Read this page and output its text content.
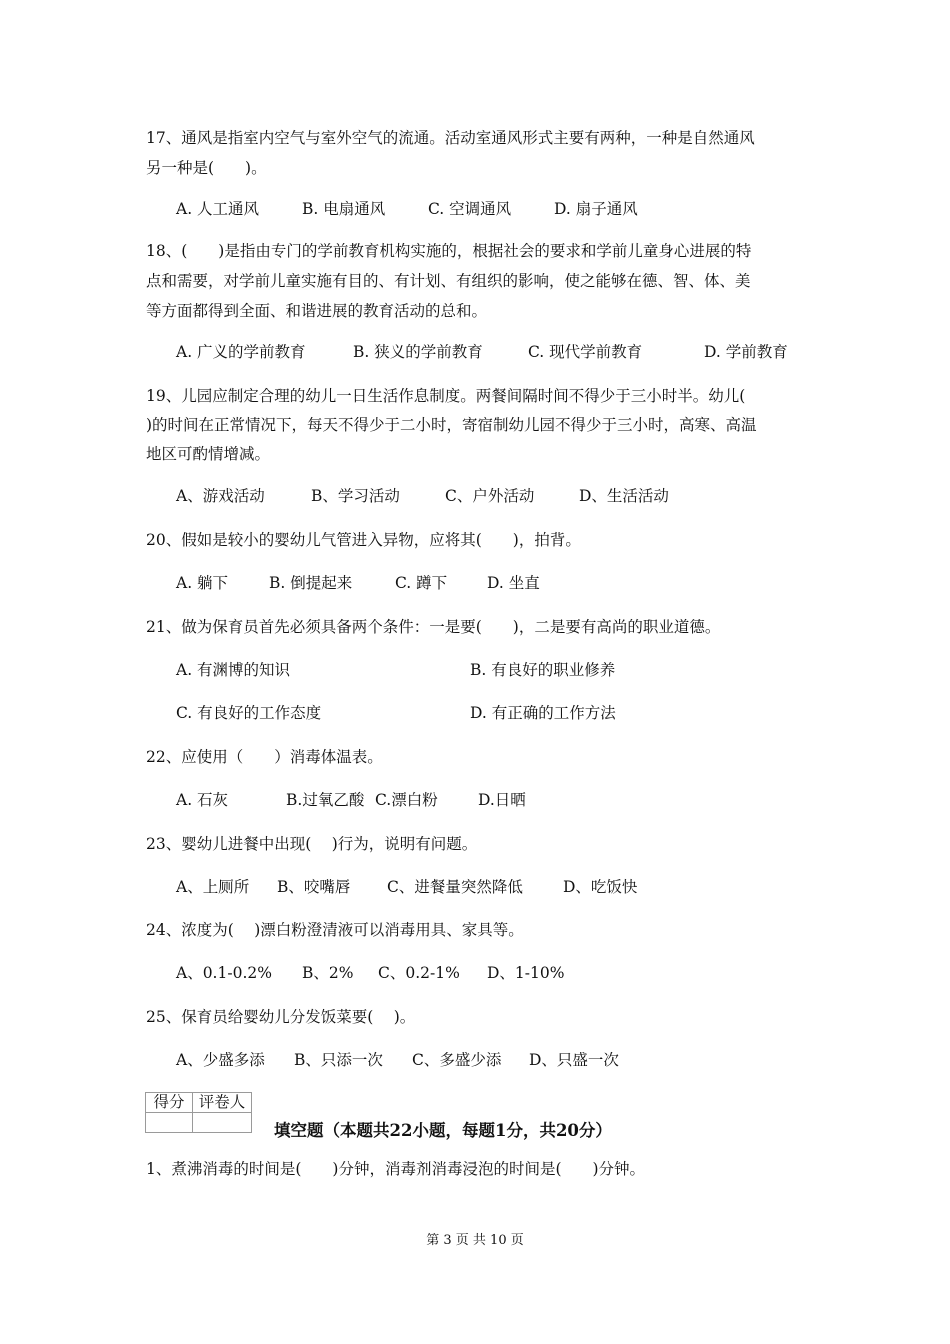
17、通风是指室内空气与室外空气的流通。活动室通风形式主要有两种，一种是自然通风
另一种是(　　)。
A. 人工通风	B. 电扇通风	C. 空调通风	D. 扇子通风
18、(　　)是指由专门的学前教育机构实施的，根据社会的要求和学前儿童身心进展的特
点和需要，对学前儿童实施有目的、有计划、有组织的影响，使之能够在德、智、体、美
等方面都得到全面、和谐进展的教育活动的总和。
A. 广义的学前教育	B. 狭义的学前教育	C. 现代学前教育	D. 学前教育
19、儿园应制定合理的幼儿一日生活作息制度。两餐间隔时间不得少于三小时半。幼儿(
)的时间在正常情况下，每天不得少于二小时，寄宿制幼儿园不得少于三小时，高寒、高温
地区可酌情增减。
A、游戏活动	B、学习活动	C、户外活动	D、生活活动
20、假如是较小的婴幼儿气管进入异物，应将其(　　)，拍背。
A. 躺下	B. 倒提起来	C. 蹲下	D. 坐直
21、做为保育员首先必须具备两个条件：一是要(　　)，二是要有高尚的职业道德。
A. 有渊博的知识	B. 有良好的职业修养
C. 有良好的工作态度	D. 有正确的工作方法
22、应使用（　　）消毒体温表。
A. 石灰	B.过氧乙酸 C.漂白粉	D.日晒
23、婴幼儿进餐中出现(　 )行为，说明有问题。
A、上厕所 B、咬嘴唇 C、进餐量突然降低	D、吃饭快
24、浓度为(　 )漂白粉澄清液可以消毒用具、家具等。
A、0.1-0.2% B、2% C、0.2-1% D、1-10%
25、保育员给婴幼儿分发饭菜要(　 )。
A、少盛多添 B、只添一次 C、多盛少添 D、只盛一次
得分	评卷人

填空题（本题共22小题，每题1分，共20分）
1、煮沸消毒的时间是(　　)分钟，消毒剂消毒浸泡的时间是(　　)分钟。
第 3 页 共 10 页
